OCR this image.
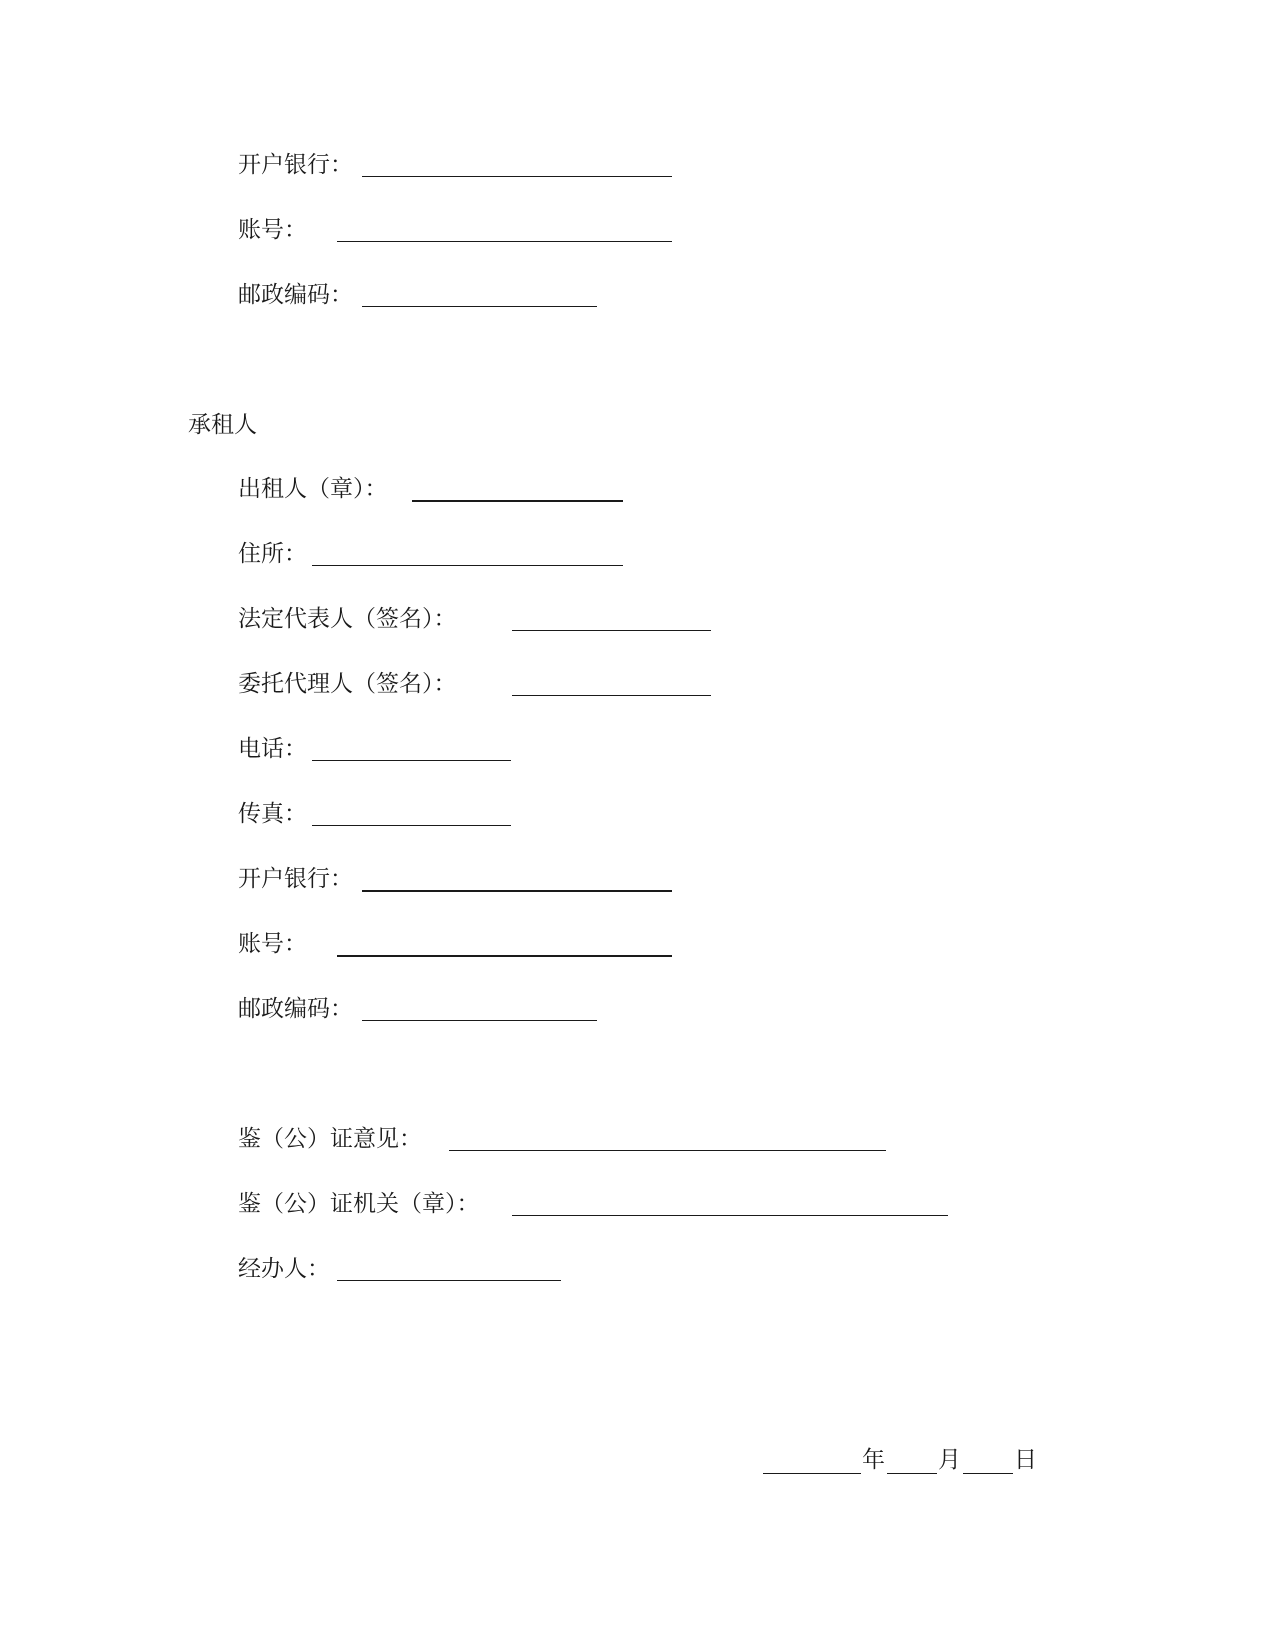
开户银行：
账号：
邮政编码：
承租人
出租人（章）：
住所：
法定代表人（签名）：
委托代理人（签名）：
电话：
传真：
开户银行：
账号：
邮政编码：
鉴（公）证意见：
鉴（公）证机关（章）：
经办人：
年 月 日
